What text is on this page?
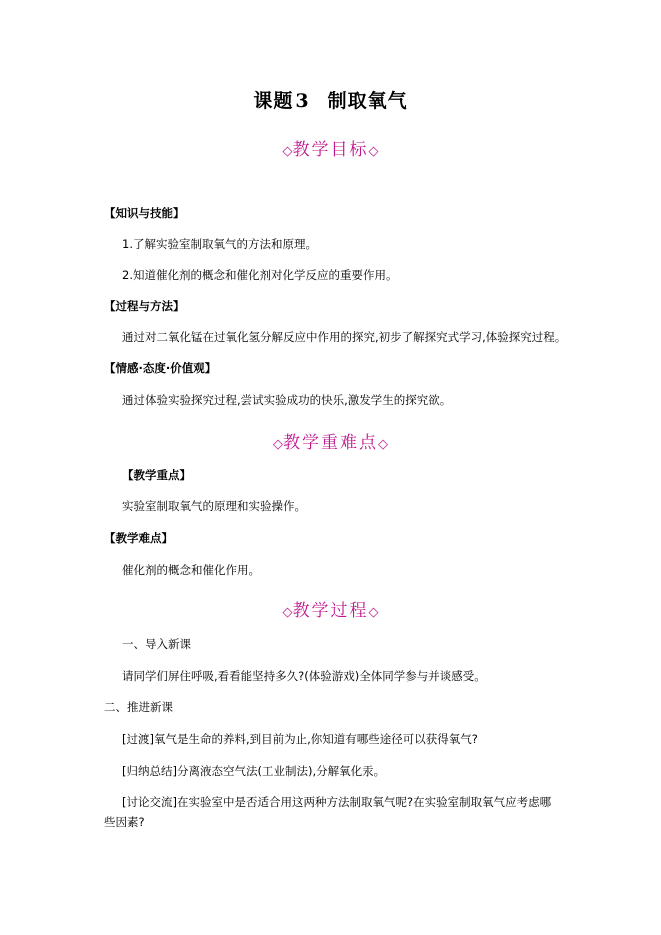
课题 3 制取氧气
◇教学目标◇
【知识与技能】
1.了解实验室制取氧气的方法和原理。
2.知道催化剂的概念和催化剂对化学反应的重要作用。
【过程与方法】
通过对二氧化锰在过氧化氢分解反应中作用的探究,初步了解探究式学习,体验探究过程。
【情感·态度·价值观】
通过体验实验探究过程,尝试实验成功的快乐,激发学生的探究欲。
◇教学重难点◇
【教学重点】
实验室制取氧气的原理和实验操作。
【教学难点】
催化剂的概念和催化作用。
◇教学过程◇
一、导入新课
请同学们屏住呼吸,看看能坚持多久?(体验游戏)全体同学参与并谈感受。
二、推进新课
[过渡]氧气是生命的养料,到目前为止,你知道有哪些途径可以获得氧气?
[归纳总结]分离液态空气法(工业制法),分解氧化汞。
[讨论交流]在实验室中是否适合用这两种方法制取氧气呢?在实验室制取氧气应考虑哪
些因素?
